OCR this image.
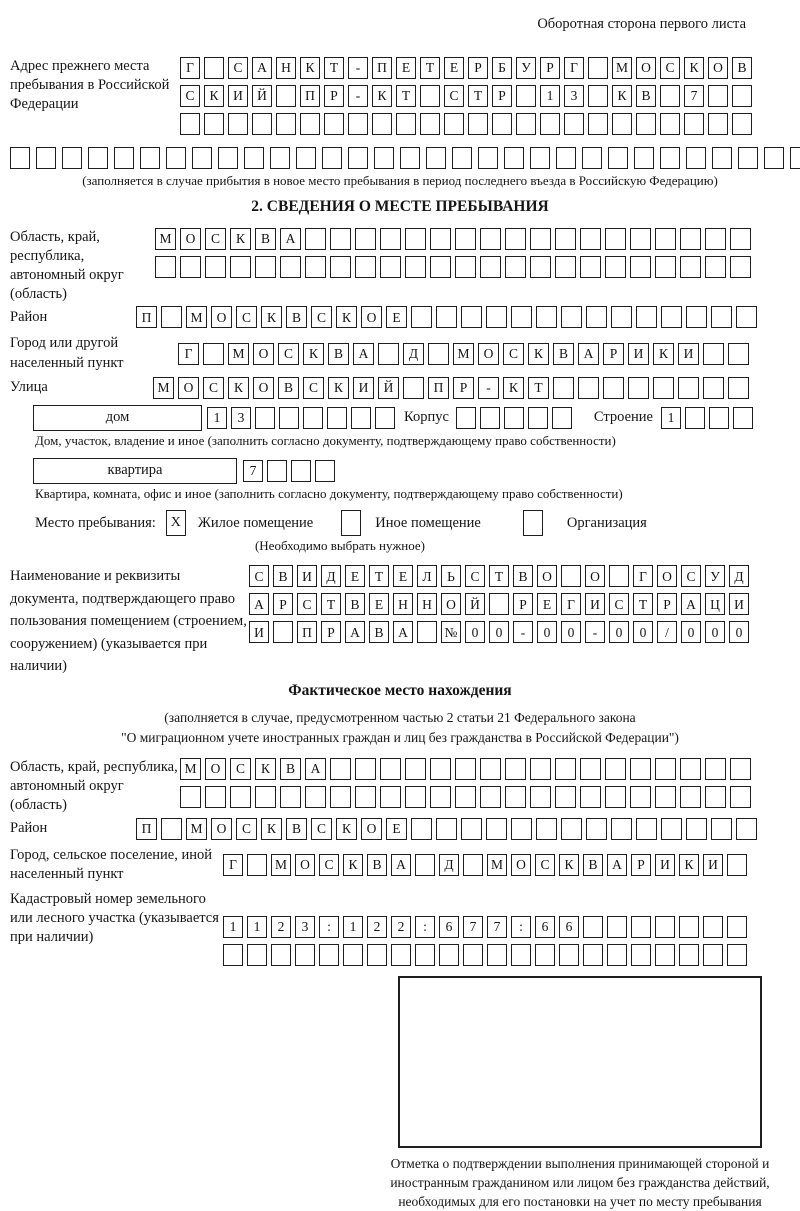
Оборотная сторона первого листа
Адрес прежнего места пребывания в Российской Федерации
Г	С	А	Н	К	Т	-	П	Е	Т	Е	Р	Б	У	Р	Г	М О	С	К	О	В
С	К	И	Й	П	Р	-	К	Т	С	Т	Р	1	3	К	В	7
(заполняется в случае прибытия в новое место пребывания в период последнего въезда в Российскую Федерацию)
2. СВЕДЕНИЯ О МЕСТЕ ПРЕБЫВАНИЯ
Область, край, республика, автономный округ (область)
М	О	С	К	В	А
Район	П	М	О	С	К	В	С	К	О	Е
Город или другой населенный пункт
Г	М	О	С	К	В	А	Д	М	О	С	К	В	А	Р	И	К	И
Улица	М	О	С	К	О	В	С	К	И	Й	П	Р	-	К	Т
дом	1	3	Корпус	Строение	1
Дом, участок, владение и иное (заполнить согласно документу, подтверждающему право собственности)
квартира	7
Квартира, комната, офис и иное (заполнить согласно документу, подтверждающему право собственности)
Место пребывания:	X	Жилое помещение	Иное помещение	Организация
(Необходимо выбрать нужное)
Наименование и реквизиты документа, подтверждающего право пользования помещением (строением, сооружением) (указывается при наличии)
С	В	И	Д	Е	Т	Е	Л	Ь	С	Т	В	О	О	Г	О	С	У	Д
А	Р	С	Т	В	Е	Н	Н	О	Й	Р	Е	Г	И	С	Т	Р	А	Ц	И
И	П	Р	А	В	А	№	0	0	-	0	0	-	0	0	/	0	0	0
Фактическое место нахождения
(заполняется в случае, предусмотренном частью 2 статьи 21 Федерального закона
"О миграционном учете иностранных граждан и лиц без гражданства в Российской Федерации")
Область, край, республика, автономный округ (область)
М	О	С	К	В	А
Район	П	М	О	С	К	В	С	К	О	Е
Город, сельское поселение, иной населенный пункт
Г	М О	С	К	В	А	Д	М О	С	К	В	А	Р	И	К	И
Кадастровый номер земельного или лесного участка (указывается при наличии)
1	1	2	3	:	1	2	2	:	6	7	7	:	6	6
Отметка о подтверждении выполнения принимающей стороной и иностранным гражданином или лицом без гражданства действий, необходимых для его постановки на учет по месту пребывания
